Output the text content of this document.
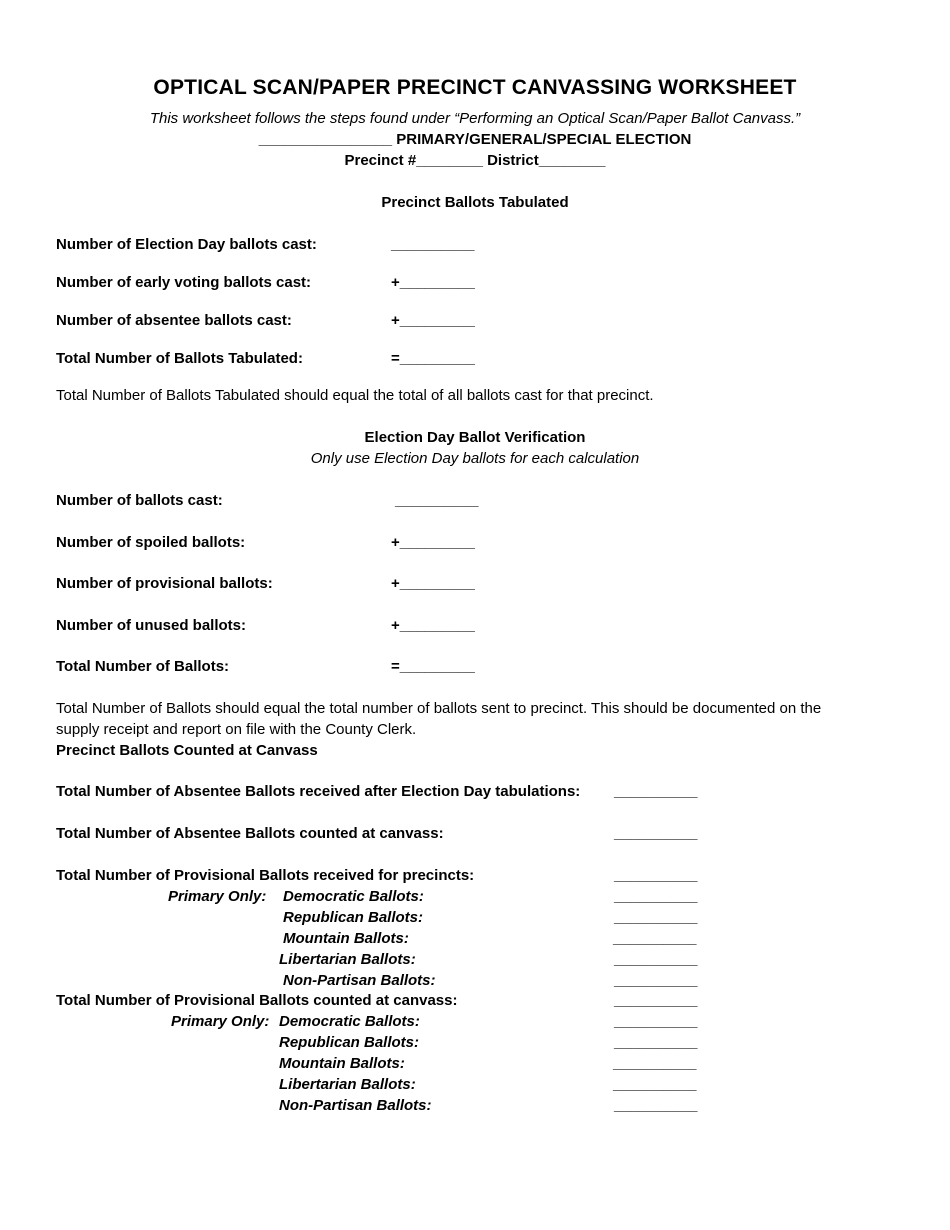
OPTICAL SCAN/PAPER PRECINCT CANVASSING WORKSHEET
This worksheet follows the steps found under “Performing an Optical Scan/Paper Ballot Canvass.”
________________ PRIMARY/GENERAL/SPECIAL ELECTION
Precinct #________ District________
Precinct Ballots Tabulated
Number of Election Day ballots cast:	__________
Number of early voting ballots cast:	+_________
Number of absentee ballots cast:	+_________
Total Number of Ballots Tabulated:	=_________
Total Number of Ballots Tabulated should equal the total of all ballots cast for that precinct.
Election Day Ballot Verification
Only use Election Day ballots for each calculation
Number of ballots cast:	__________
Number of spoiled ballots:	+_________
Number of provisional ballots:	+_________
Number of unused ballots:	+_________
Total Number of Ballots:	=_________
Total Number of Ballots should equal the total number of ballots sent to precinct. This should be documented on the
supply receipt and report on file with the County Clerk.
Precinct Ballots Counted at Canvass
Total Number of Absentee Ballots received after Election Day tabulations: __________
Total Number of Absentee Ballots counted at canvass:	__________
Total Number of Provisional Ballots received for precincts:	__________
Primary Only: Democratic Ballots:	__________
Republican Ballots:	__________
Mountain Ballots:	__________
Libertarian Ballots:	__________
Non-Partisan Ballots:	__________
Total Number of Provisional Ballots counted at canvass:	__________
Primary Only: Democratic Ballots:	__________
Republican Ballots:	__________
Mountain Ballots:	__________
Libertarian Ballots:	__________
Non-Partisan Ballots:	__________
